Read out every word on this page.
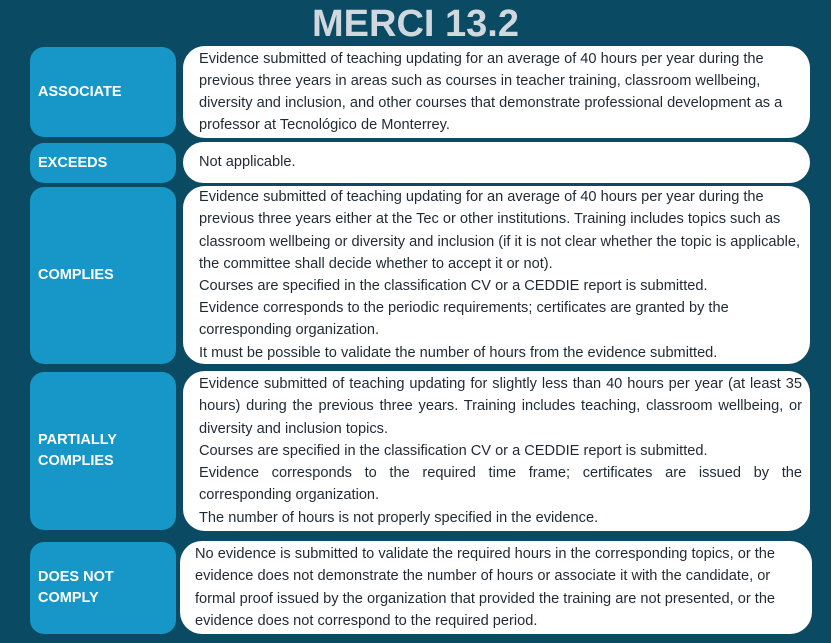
MERCI 13.2
ASSOCIATE

Evidence submitted of teaching updating for an average of 40 hours per year during the previous three years in areas such as courses in teacher training, classroom wellbeing, diversity and inclusion, and other courses that demonstrate professional development as a professor at Tecnológico de Monterrey.

EXCEEDS	Not applicable.

COMPLIES

Evidence submitted of teaching updating for an average of 40 hours per year during the previous three years either at the Tec or other institutions. Training includes topics such as classroom wellbeing or diversity and inclusion (if it is not clear whether the topic is applicable, the committee shall decide whether to accept it or not).

Courses are specified in the classification CV or a CEDDIE report is submitted.

Evidence corresponds to the periodic requirements; certificates are granted by the corresponding organization.

It must be possible to validate the number of hours from the evidence submitted.

PARTIALLY
COMPLIES

Evidence submitted of teaching updating for slightly less than 40 hours per year (at least 35 hours) during the previous three years. Training includes teaching, classroom wellbeing, or diversity and inclusion topics.

Courses are specified in the classification CV or a CEDDIE report is submitted.

Evidence corresponds to the required time frame; certificates are issued by the corresponding organization.

The number of hours is not properly specified in the evidence.

DOES NOT
COMPLY

No evidence is submitted to validate the required hours in the corresponding topics, or the evidence does not demonstrate the number of hours or associate it with the candidate, or formal proof issued by the organization that provided the training are not presented, or the evidence does not correspond to the required period.
